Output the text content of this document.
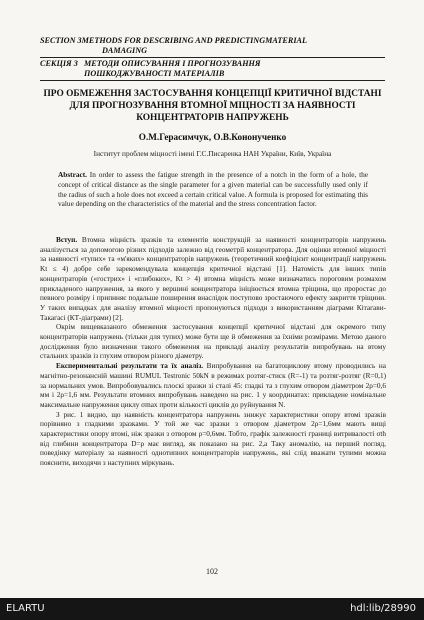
SECTION 3METHODS FOR DESCRIBING AND PREDICTINGMATERIAL
DAMAGING
СЕКЦІЯ 3 МЕТОДИ ОПИСУВАННЯ І ПРОГНОЗУВАННЯ
ПОШКОДЖУВАНОСТІ МАТЕРІАЛІВ
ПРО ОБМЕЖЕННЯ ЗАСТОСУВАННЯ КОНЦЕПЦІЇ КРИТИЧНОЇ ВІДСТАНІ ДЛЯ ПРОГНОЗУВАННЯ ВТОМНОЇ МІЦНОСТІ ЗА НАЯВНОСТІ КОНЦЕНТРАТОРІВ НАПРУЖЕНЬ
О.М.Герасимчук, О.В.Кононученко
Інститут проблем міцності імені Г.С.Писаренка НАН України, Київ, Україна
Abstract. In order to assess the fatigue strength in the presence of a notch in the form of a hole, the concept of critical distance as the single parameter for a given material can be successfully used only if the radius of such a hole does not exceed a certain critical value. A formula is proposed for estimating this value depending on the characteristics of the material and the stress concentration factor.

Вступ. Втомна міцність зразків та елементів конструкцій за наявності концентраторів напружень аналізується за допомогою різних підходів залежно від геометрії концентратора. Для оцінки втомної міцності за наявності «тупих» та «м'яких» концентраторів напружень (теоретичний коефіцієнт концентрації напружень Kt ≤ 4) добре себе зарекомендувала концепція критичної відстані [1]. Натомість для інших типів концентраторів («гострих» і «глибоких», Kt > 4) втомна міцність може визначатись пороговим розмахом прикладеного напруження, за якого у вершині концентратора ініціюється втомна тріщина, що проростає до певного розміру і припиняє подальше поширення внаслідок поступово зростаючого ефекту закриття тріщини. У таких випадках для аналізу втомної міцності пропонуються підходи з використанням діаграми Кітагави-Такагасі (КТ-діаграми) [2].

Окрім вищевказаного обмеження застосування концепції критичної відстані для окремого типу концентраторів напружень (тільки для тупих) може бути ще й обмеження за їхніми розмірами. Метою даного дослідження було визначення такого обмеження на прикладі аналізу результатів випробувань на втому стальних зразків із глухим отвором різного діаметру.

Експериментальні результати та їх аналіз. Випробування на багатоциклову втому проводились на магнітно-резонансній машині RUMUL Testronic 50kN в режимах розтяг-стиск (R=-1) та розтяг-розтяг (R=0,1) за нормальних умов. Випробовувались плоскі зразки зі сталі 45: гладкі та з глухим отвором діаметром 2ρ=0,6 мм і 2ρ=1,6 мм. Результати втомних випробувань наведено на рис. 1 у координатах: прикладене номінальне максимальне напруження циклу σmax проти кількості циклів до руйнування N.

З рис. 1 видно, що наявність концентратора напружень знижує характеристики опору втомі зразків порівняно з гладкими зразками. У той же час зразки з отвором діаметром 2ρ=1,6мм мають вищі характеристики опору втомі, ніж зразки з отвором ρ=0,6мм. Тобто, графік залежності границі витривалості σth від глибини концентратора D=ρ має вигляд, як показано на рис. 2,а Таку аномалію, на перший погляд, поведінку матеріалу за наявності однотипних концентраторів напружень, які слід вважати тупими можна пояснити, виходячи з наступних міркувань.

102
ELARTU	hdl:lib/28990
